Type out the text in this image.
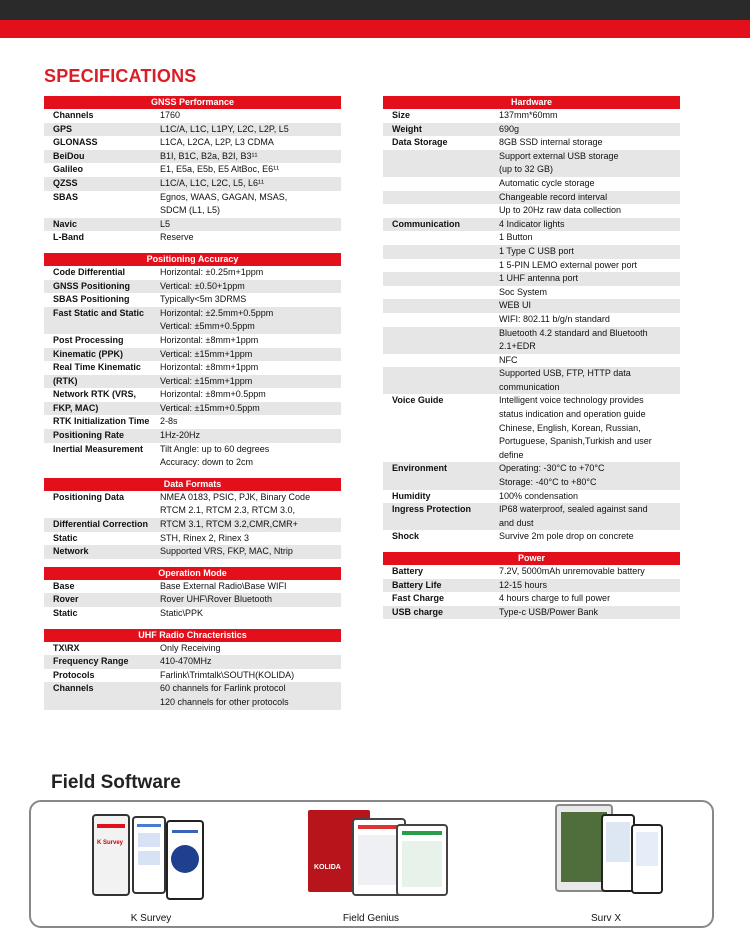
SPECIFICATIONS
GNSS Performance
Channels	1760
GPS	L1C/A, L1C, L1PY, L2C, L2P, L5
GLONASS	L1CA, L2CA, L2P, L3 CDMA
BeiDou	B1I, B1C, B2a, B2I, B3¹¹
Galileo	E1, E5a, E5b, E5 AltBoc, E6¹¹
QZSS	L1C/A, L1C, L2C, L5, L6¹¹
SBAS	Egnos, WAAS, GAGAN, MSAS,
SDCM (L1, L5)
Navic	L5
L-Band	Reserve
Positioning Accuracy
Code Differential	Horizontal: ±0.25m+1ppm
GNSS Positioning	Vertical: ±0.50+1ppm
SBAS Positioning	Typically<5m 3DRMS
Fast Static and Static	Horizontal: ±2.5mm+0.5ppm
Vertical: ±5mm+0.5ppm
Post Processing	Horizontal: ±8mm+1ppm
Kinematic (PPK)	Vertical: ±15mm+1ppm
Real Time Kinematic	Horizontal: ±8mm+1ppm
(RTK)	Vertical: ±15mm+1ppm
Network RTK (VRS,	Horizontal: ±8mm+0.5ppm
FKP, MAC)	Vertical: ±15mm+0.5ppm
RTK Initialization Time	2-8s
Positioning Rate	1Hz-20Hz
Inertial Measurement	Tilt Angle: up to 60 degrees
Accuracy: down to 2cm
Data Formats
Positioning Data	NMEA 0183, PSIC, PJK, Binary Code
RTCM 2.1, RTCM 2.3, RTCM 3.0,
Differential Correction	RTCM 3.1, RTCM 3.2,CMR,CMR+
Static	STH, Rinex 2, Rinex 3
Network	Supported VRS, FKP, MAC, Ntrip
Operation Mode
Base	Base External Radio\Base WIFI
Rover	Rover UHF\Rover Bluetooth
Static	Static\PPK
UHF Radio Chracteristics
TX\RX	Only Receiving
Frequency Range	410-470MHz
Protocols	Farlink\Trimtalk\SOUTH(KOLIDA)
Channels	60 channels for Farlink protocol
120 channels for other protocols
Hardware
Size	137mm*60mm
Weight	690g
Data Storage	8GB SSD internal storage
Support external USB storage
(up to 32 GB)
Automatic cycle storage
Changeable record interval
Up to 20Hz raw data collection
Communication	4 Indicator lights
1 Button
1 Type C USB port
1 5-PIN LEMO external power port
1 UHF antenna port
Soc System
WEB UI
WIFI: 802.11 b/g/n standard
Bluetooth 4.2 standard and Bluetooth
2.1+EDR
NFC
Supported USB, FTP, HTTP data
communication
Voice Guide	Intelligent voice technology provides
status indication and operation guide
Chinese, English, Korean, Russian,
Portuguese, Spanish,Turkish and user
define
Environment	Operating: -30°C to +70°C
Storage: -40°C to +80°C
Humidity	100% condensation
Ingress Protection	IP68 waterproof, sealed against sand
and dust
Shock	Survive 2m pole drop on concrete
Power
Battery	7.2V, 5000mAh unremovable battery
Battery Life	12-15 hours
Fast Charge	4 hours charge to full power
USB charge	Type-c USB/Power Bank
Field Software
K Survey
K Survey
KOLIDA
Field Genius	Surv X
